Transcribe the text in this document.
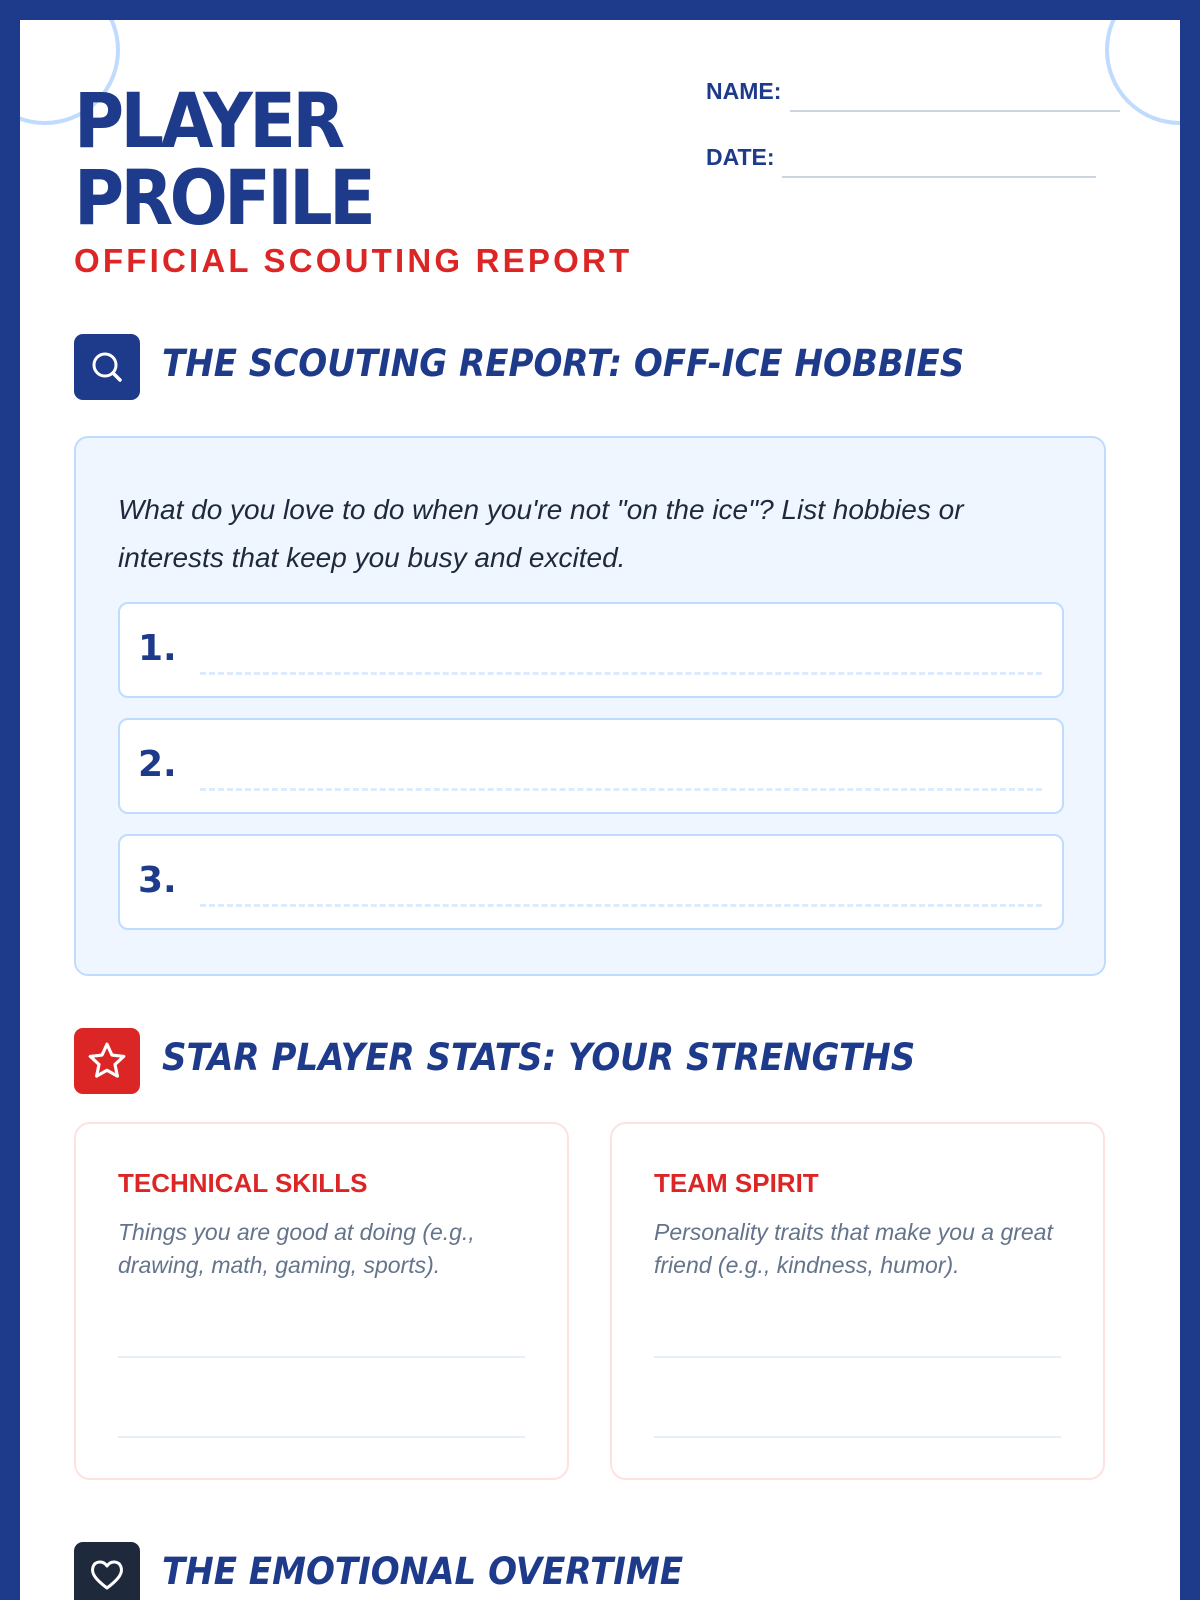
PLAYER
PROFILE
OFFICIAL SCOUTING REPORT
NAME:
DATE:
THE SCOUTING REPORT: OFF-ICE HOBBIES
What do you love to do when you're not "on the ice"? List hobbies or interests that keep you busy and excited.
1.
2.
3.
STAR PLAYER STATS: YOUR STRENGTHS
TECHNICAL SKILLS
Things you are good at doing (e.g., drawing, math, gaming, sports).
TEAM SPIRIT
Personality traits that make you a great friend (e.g., kindness, humor).
THE EMOTIONAL OVERTIME
